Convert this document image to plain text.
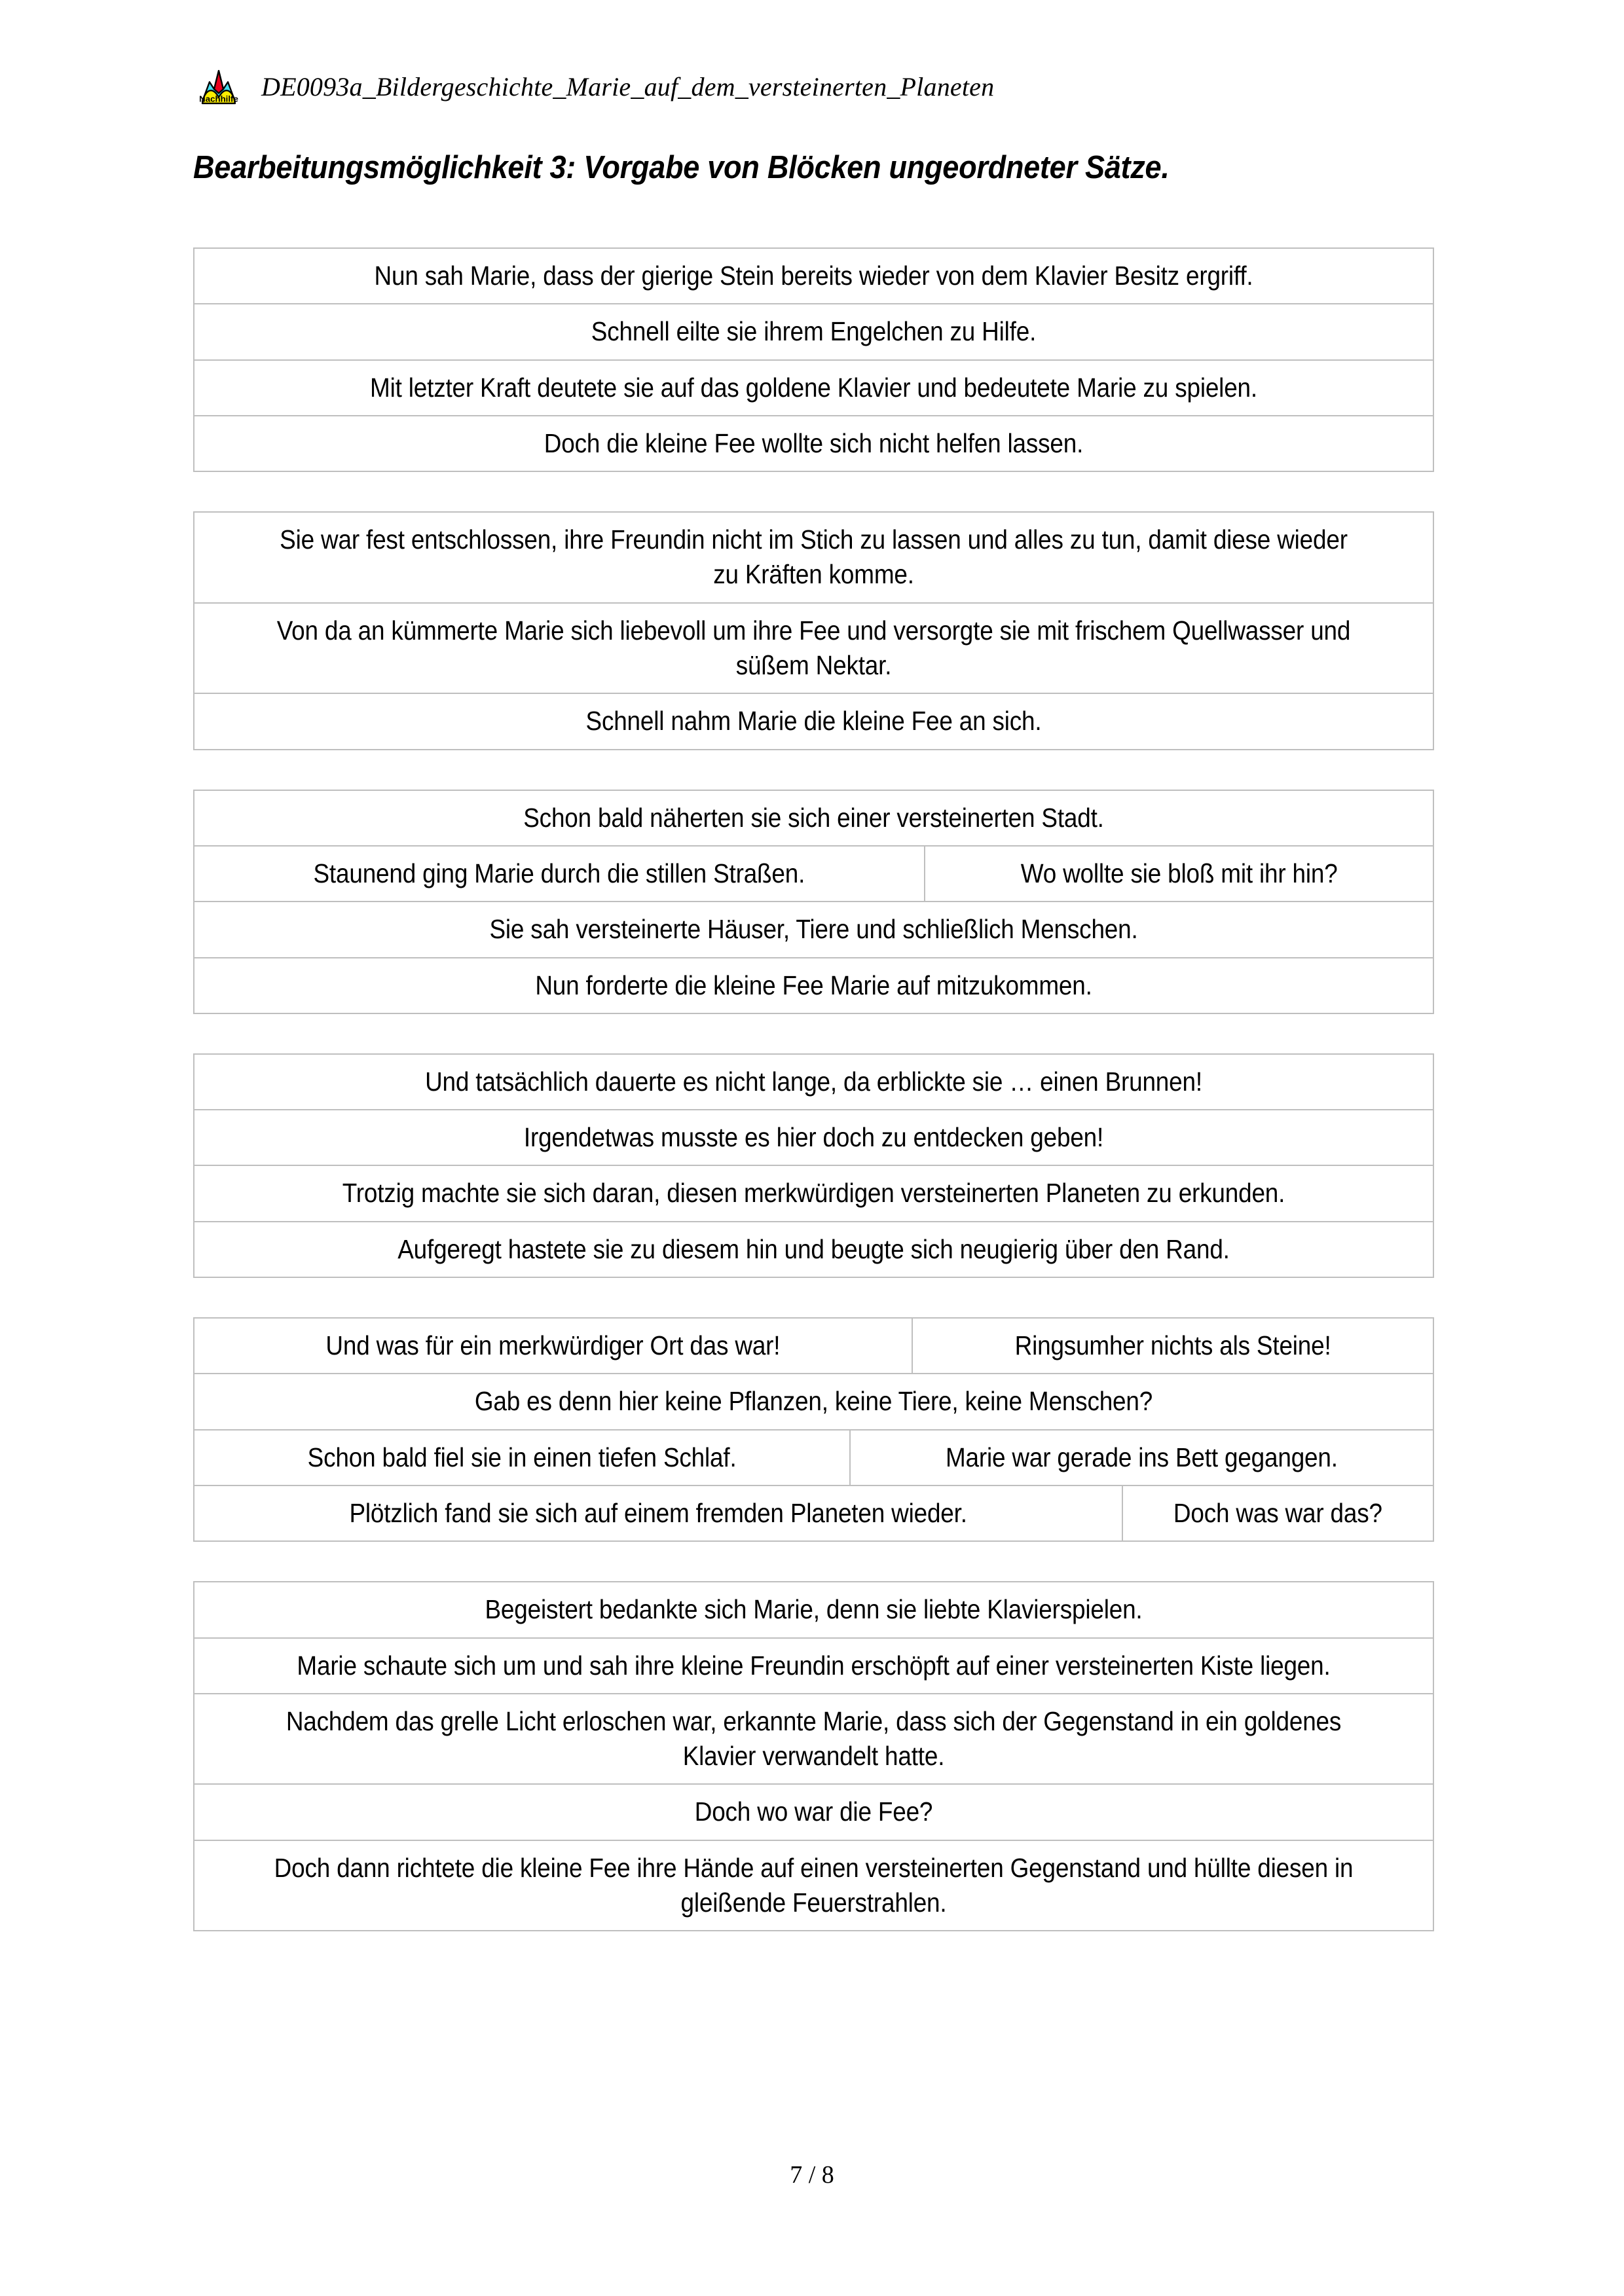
Nachhilfe DE0093a_Bildergeschichte_Marie_auf_dem_versteinerten_Planeten
Bearbeitungsmöglichkeit 3: Vorgabe von Blöcken ungeordneter Sätze.
Nun sah Marie, dass der gierige Stein bereits wieder von dem Klavier Besitz ergriff.
Schnell eilte sie ihrem Engelchen zu Hilfe.
Mit letzter Kraft deutete sie auf das goldene Klavier und bedeutete Marie zu spielen.
Doch die kleine Fee wollte sich nicht helfen lassen.
Sie war fest entschlossen, ihre Freundin nicht im Stich zu lassen und alles zu tun, damit diese wieder zu Kräften komme.
Von da an kümmerte Marie sich liebevoll um ihre Fee und versorgte sie mit frischem Quellwasser und süßem Nektar.
Schnell nahm Marie die kleine Fee an sich.
Schon bald näherten sie sich einer versteinerten Stadt.
Staunend ging Marie durch die stillen Straßen.	Wo wollte sie bloß mit ihr hin?
Sie sah versteinerte Häuser, Tiere und schließlich Menschen.
Nun forderte die kleine Fee Marie auf mitzukommen.
Und tatsächlich dauerte es nicht lange, da erblickte sie … einen Brunnen!
Irgendetwas musste es hier doch zu entdecken geben!
Trotzig machte sie sich daran, diesen merkwürdigen versteinerten Planeten zu erkunden.
Aufgeregt hastete sie zu diesem hin und beugte sich neugierig über den Rand.
Und was für ein merkwürdiger Ort das war!	Ringsumher nichts als Steine!
Gab es denn hier keine Pflanzen, keine Tiere, keine Menschen?
Schon bald fiel sie in einen tiefen Schlaf.	Marie war gerade ins Bett gegangen.
Plötzlich fand sie sich auf einem fremden Planeten wieder.	Doch was war das?
Begeistert bedankte sich Marie, denn sie liebte Klavierspielen.
Marie schaute sich um und sah ihre kleine Freundin erschöpft auf einer versteinerten Kiste liegen.
Nachdem das grelle Licht erloschen war, erkannte Marie, dass sich der Gegenstand in ein goldenes Klavier verwandelt hatte.
Doch wo war die Fee?
Doch dann richtete die kleine Fee ihre Hände auf einen versteinerten Gegenstand und hüllte diesen in gleißende Feuerstrahlen.
7 / 8
